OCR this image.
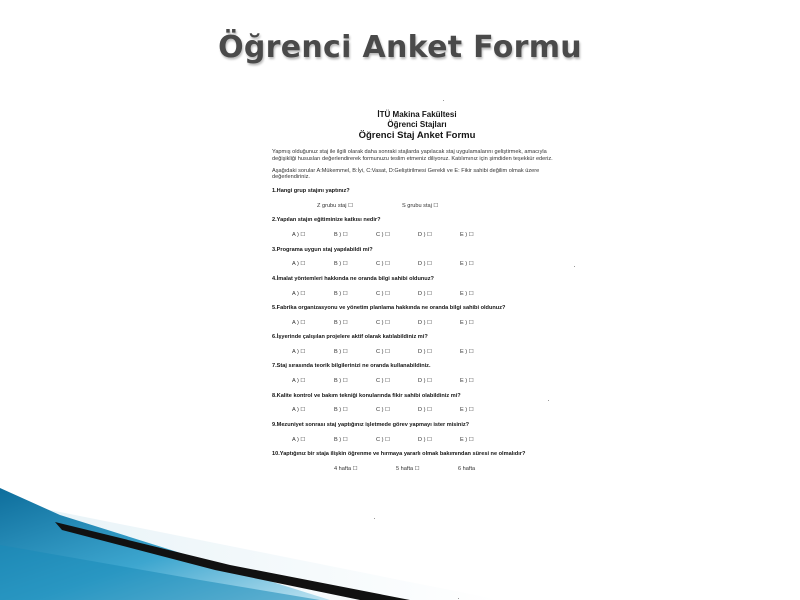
Öğrenci Anket Formu
İTÜ Makina Fakültesi
Öğrenci Stajları
Öğrenci Staj Anket Formu
Yapmış olduğunuz staj ile ilgili olarak daha sonraki stajlarda yapılacak staj uygulamalarını geliştirmek, amacıyla değişikliği hususları değerlendirerek formunuzu teslim etmeniz diliyoruz. Katılımınız için şimdiden teşekkür ederiz.
Aşağıdaki sorular A:Mükemmel, B:İyi, C:Vasat, D:Geliştirilmesi Gerekli ve E: Fikir sahibi değilim olmak üzere değerlendiriniz.
1.Hangi grup stajını yaptınız?
Z grubu staj ☐	S grubu staj ☐
2.Yapılan stajın eğitiminize katkısı nedir?
A ) ☐	B ) ☐	C ) ☐	D ) ☐	E ) ☐
3.Programa uygun staj yapılabildi mi?
A ) ☐	B ) ☐	C ) ☐	D ) ☐	E ) ☐
4.İmalat yöntemleri hakkında ne oranda bilgi sahibi oldunuz?
A ) ☐	B ) ☐	C ) ☐	D ) ☐	E ) ☐
5.Fabrika organizasyonu ve yönetim planlama hakkında ne oranda bilgi sahibi oldunuz?
A ) ☐	B ) ☐	C ) ☐	D ) ☐	E ) ☐
6.İşyerinde çalışılan projelere aktif olarak katılabildiniz mi?
A ) ☐	B ) ☐	C ) ☐	D ) ☐	E ) ☐
7.Staj sırasında teorik bilgilerinizi ne oranda kullanabildiniz.
A ) ☐	B ) ☐	C ) ☐	D ) ☐	E ) ☐
8.Kalite kontrol ve bakım tekniği konularında fikir sahibi olabildiniz mi?
A ) ☐	B ) ☐	C ) ☐	D ) ☐	E ) ☐
9.Mezuniyet sonrası staj yaptığınız işletmede görev yapmayı ister misiniz?
A ) ☐	B ) ☐	C ) ☐	D ) ☐	E ) ☐
10.Yaptığınız bir staja ilişkin öğrenme ve hırmaya yararlı olmak bakımından süresi ne olmalıdır?
4 hafta ☐	5 hafta ☐	6 hafta
